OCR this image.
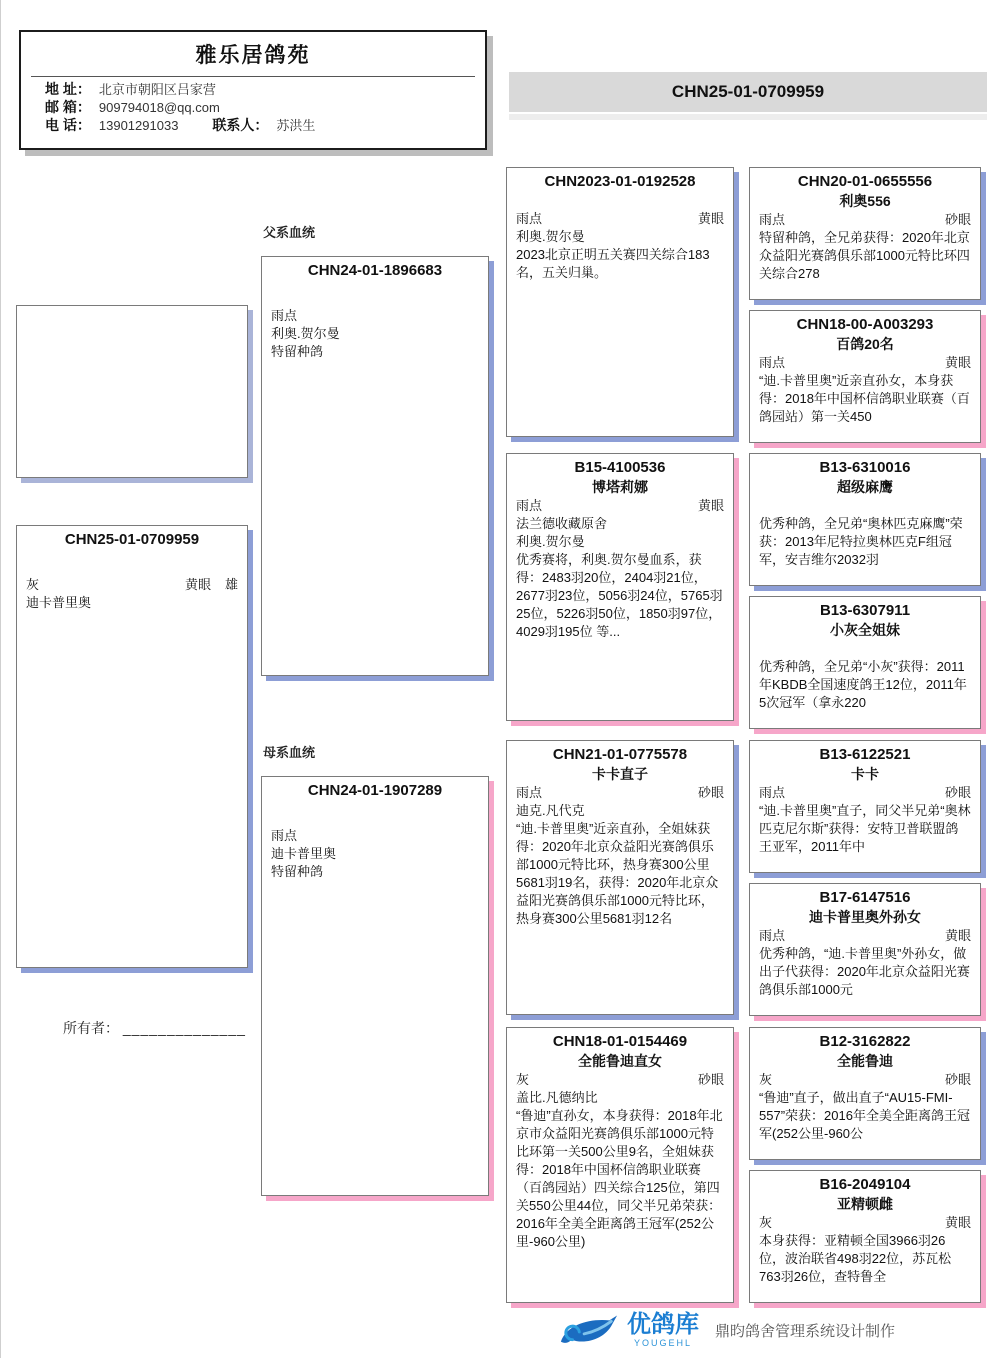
雅乐居鸽苑
地 址： 北京市朝阳区吕家营
邮 箱： 909794018@qq.com
电 话： 13901291033 联系人： 苏洪生
CHN25-01-0709959
CHN25-01-0709959
灰	黄眼 雄
迪卡普里奥
所有者： ______________
父系血统
CHN24-01-1896683
雨点
利奥.贺尔曼
特留种鸽
母系血统
CHN24-01-1907289
雨点
迪卡普里奥
特留种鸽
CHN2023-01-0192528
雨点	黄眼
利奥.贺尔曼
2023北京正明五关赛四关综合183名，五关归巢。
B15-4100536
博塔莉娜
雨点	黄眼
法兰德收藏原舍
利奥.贺尔曼
优秀赛将，利奥.贺尔曼血系，获得：2483羽20位，2404羽21位，2677羽23位，5056羽24位，5765羽25位，5226羽50位，1850羽97位，4029羽195位 等...
CHN21-01-0775578
卡卡直子
雨点	砂眼
迪克.凡代克
“迪.卡普里奥”近亲直孙，全姐妹获得：2020年北京众益阳光赛鸽俱乐部1000元特比环，热身赛300公里5681羽19名，获得：2020年北京众益阳光赛鸽俱乐部1000元特比环，热身赛300公里5681羽12名
CHN18-01-0154469
全能鲁迪直女
灰	砂眼
盖比.凡德纳比
“鲁迪”直孙女，本身获得：2018年北京市众益阳光赛鸽俱乐部1000元特比环第一关500公里9名，全姐妹获得：2018年中国杯信鸽职业联赛（百鸽园站）四关综合125位，第四关550公里44位，同父半兄弟荣获：2016年全美全距离鸽王冠军(252公里-960公里)
CHN20-01-0655556
利奥556
雨点	砂眼
特留种鸽，全兄弟获得：2020年北京众益阳光赛鸽俱乐部1000元特比环四关综合278
CHN18-00-A003293
百鸽20名
雨点	黄眼
“迪.卡普里奥”近亲直孙女，本身获得：2018年中国杯信鸽职业联赛（百鸽园站）第一关450
B13-6310016
超级麻鹰
优秀种鸽，全兄弟“奥林匹克麻鹰”荣获：2013年尼特拉奥林匹克F组冠军，安吉维尔2032羽
B13-6307911
小灰全姐妹
优秀种鸽，全兄弟“小灰”获得：2011年KBDB全国速度鸽王12位，2011年5次冠军（拿永220
B13-6122521
卡卡
雨点	砂眼
“迪.卡普里奥”直子，同父半兄弟“奥林匹克尼尔斯”获得：安特卫普联盟鸽王亚军，2011年中
B17-6147516
迪卡普里奥外孙女
雨点	黄眼
优秀种鸽，“迪.卡普里奥”外孙女，做出子代获得：2020年北京众益阳光赛鸽俱乐部1000元
B12-3162822
全能鲁迪
灰	砂眼
“鲁迪”直子，做出直子“AU15-FMI-557”荣获：2016年全美全距离鸽王冠军(252公里-960公
B16-2049104
亚精顿雌
灰	黄眼
本身获得：亚精顿全国3966羽26位，波治联省498羽22位，苏瓦松763羽26位，查特鲁全
优鸽库
YOUGEHL
鼎昀鸽舍管理系统设计制作
